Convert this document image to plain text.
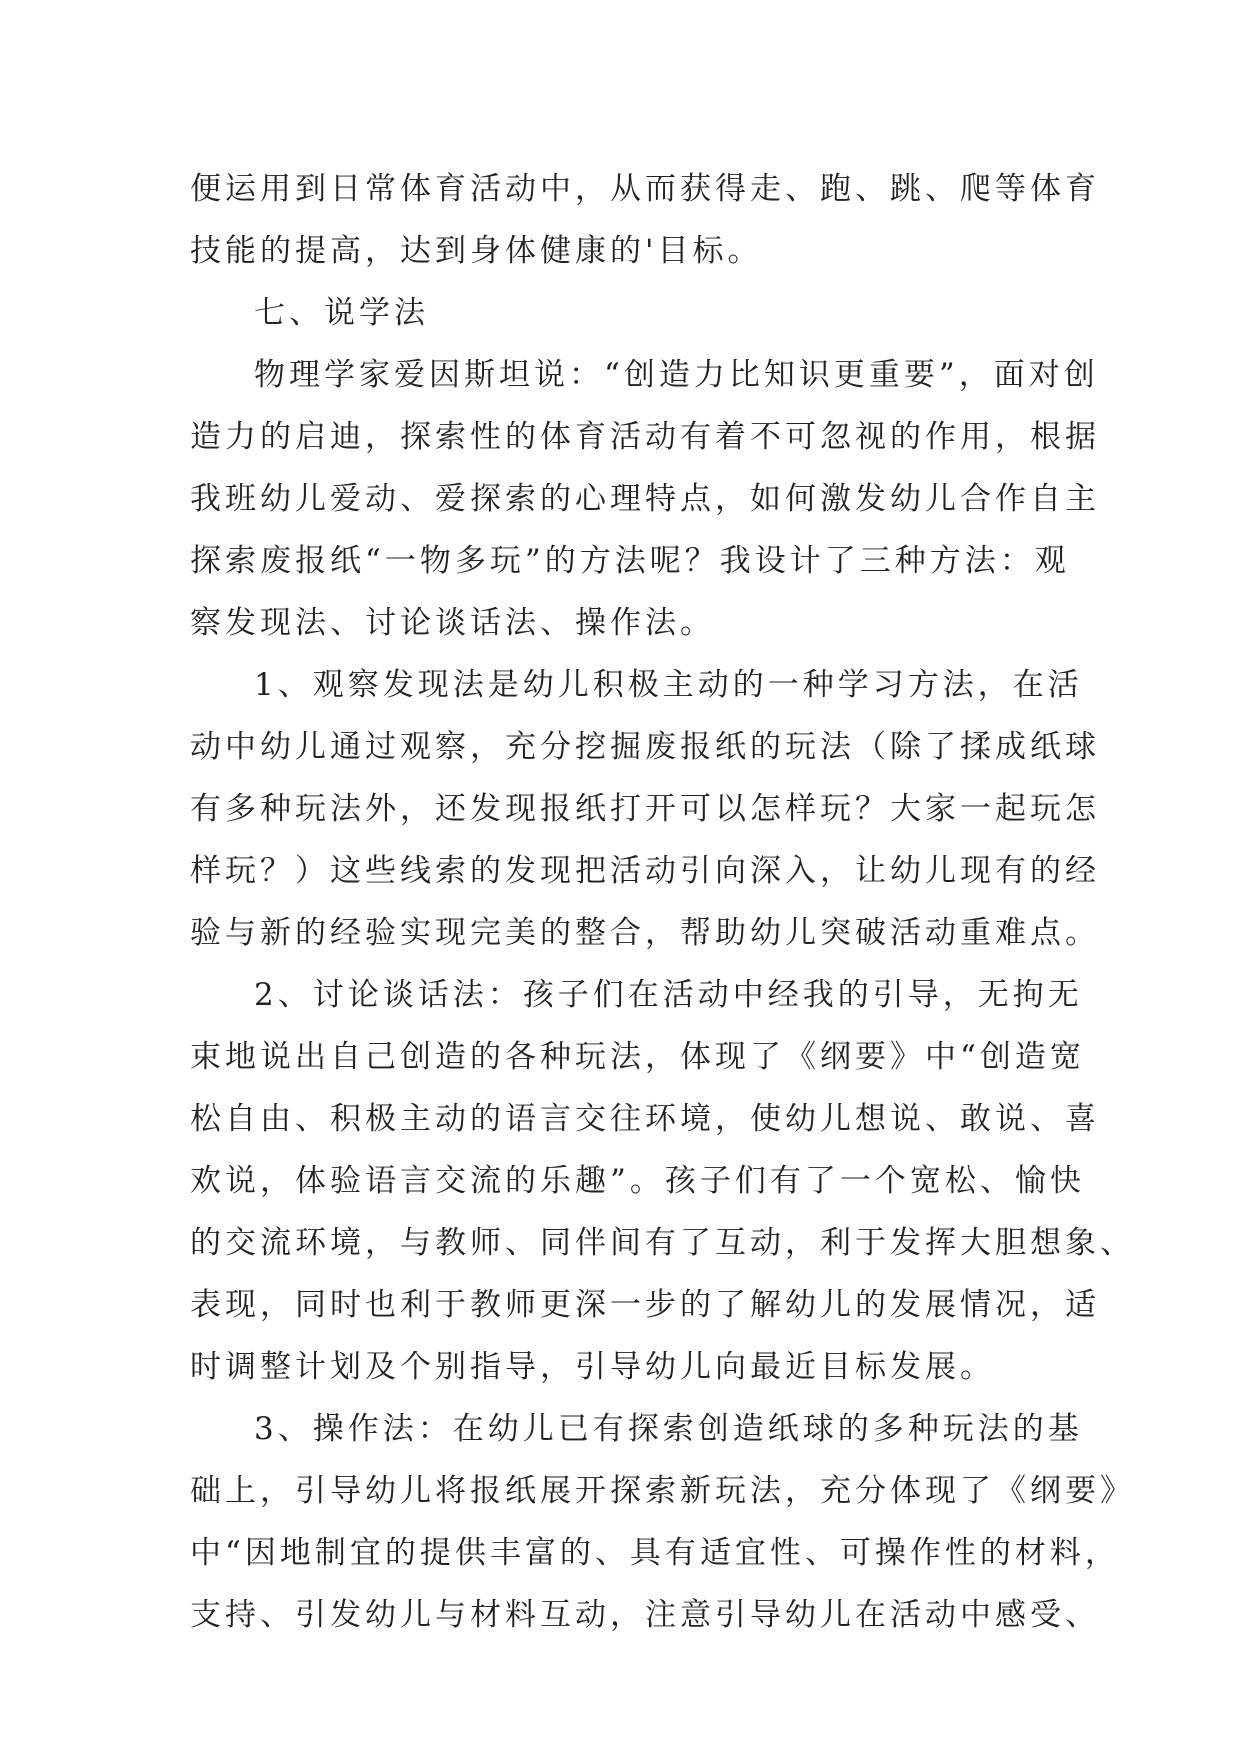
便运用到日常体育活动中，从而获得走、跑、跳、爬等体育
技能的提高，达到身体健康的'目标。
七、说学法
物理学家爱因斯坦说：“创造力比知识更重要”，面对创
造力的启迪，探索性的体育活动有着不可忽视的作用，根据
我班幼儿爱动、爱探索的心理特点，如何激发幼儿合作自主
探索废报纸“一物多玩”的方法呢？我设计了三种方法：观
察发现法、讨论谈话法、操作法。
1、观察发现法是幼儿积极主动的一种学习方法，在活
动中幼儿通过观察，充分挖掘废报纸的玩法（除了揉成纸球
有多种玩法外，还发现报纸打开可以怎样玩？大家一起玩怎
样玩？）这些线索的发现把活动引向深入，让幼儿现有的经
验与新的经验实现完美的整合，帮助幼儿突破活动重难点。
2、讨论谈话法：孩子们在活动中经我的引导，无拘无
束地说出自己创造的各种玩法，体现了《纲要》中“创造宽
松自由、积极主动的语言交往环境，使幼儿想说、敢说、喜
欢说，体验语言交流的乐趣”。孩子们有了一个宽松、愉快
的交流环境，与教师、同伴间有了互动，利于发挥大胆想象、
表现，同时也利于教师更深一步的了解幼儿的发展情况，适
时调整计划及个别指导，引导幼儿向最近目标发展。
3、操作法：在幼儿已有探索创造纸球的多种玩法的基
础上，引导幼儿将报纸展开探索新玩法，充分体现了《纲要》
中“因地制宜的提供丰富的、具有适宜性、可操作性的材料，
支持、引发幼儿与材料互动，注意引导幼儿在活动中感受、
